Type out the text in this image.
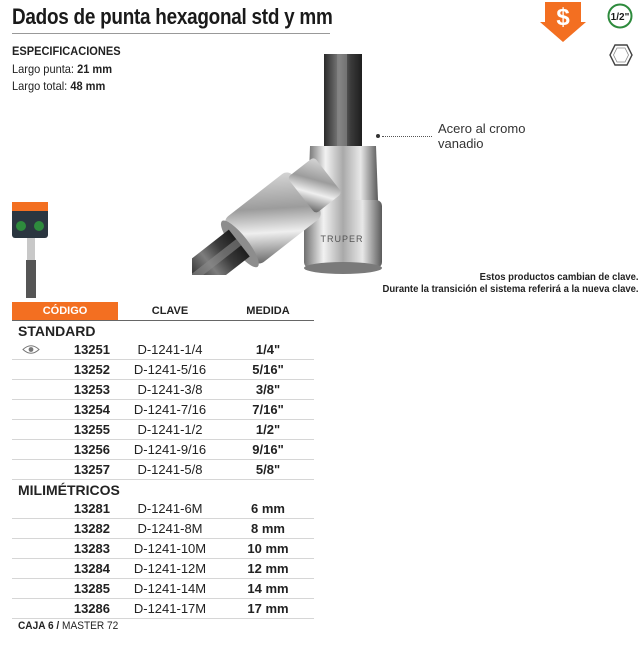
Dados de punta hexagonal std y mm
ESPECIFICACIONES
Largo punta: 21 mm
Largo total: 48 mm
$	1/2"
TRUPER
Acero al cromo
vanadio
Estos productos cambian de clave.
Durante la transición el sistema referirá a la nueva clave.
CÓDIGO	CLAVE	MEDIDA
STANDARD		

13251	D-1241-1/4	1/4"
13252	D-1241-5/16	5/16"
13253	D-1241-3/8	3/8"
13254	D-1241-7/16	7/16"
13255	D-1241-1/2	1/2"
13256	D-1241-9/16	9/16"
13257	D-1241-5/8	5/8"
MILIMÉTRICOS		
13281	D-1241-6M	6 mm
13282	D-1241-8M	8 mm
13283	D-1241-10M	10 mm
13284	D-1241-12M	12 mm
13285	D-1241-14M	14 mm
13286	D-1241-17M	17 mm
CAJA 6 / MASTER 72
